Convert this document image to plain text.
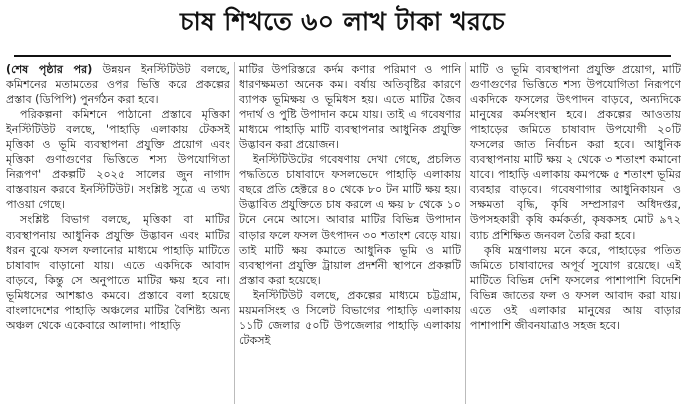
চাষ শিখতে ৬০ লাখ টাকা খরচে

(শেষ পৃষ্ঠার পর) উন্নয়ন ইনস্টিটিউট বলছে, কমিশনের মতামতের ওপর ভিত্তি করে প্রকল্পের প্রস্তাব (ডিপিপি) পুনর্গঠন করা হবে।

পরিকল্পনা কমিশনে পাঠানো প্রস্তাবে মৃত্তিকা ইনস্টিটিউট বলছে, 'পাহাড়ি এলাকায় টেকসই মৃত্তিকা ও ভূমি ব্যবস্থাপনা প্রযুক্তি প্রয়োগ এবং মৃত্তিকা গুণাগুণের ভিত্তিতে শস্য উপযোগিতা নিরূপণ' প্রকল্পটি ২০২৫ সালের জুন নাগাদ বাস্তবায়ন করবে ইনস্টিটিউট। সংশ্লিষ্ট সূত্রে এ তথ্য পাওয়া গেছে।

সংশ্লিষ্ট বিভাগ বলছে, মৃত্তিকা বা মাটির ব্যবস্থাপনায় আধুনিক প্রযুক্তি উদ্ভাবন এবং মাটির ধরন বুঝে ফসল ফলানোর মাধ্যমে পাহাড়ি মাটিতে চাষাবাদ বাড়ানো যায়। এতে একদিকে আবাদ বাড়বে, কিন্তু সে অনুপাতে মাটির ক্ষয় হবে না। ভূমিধসের আশঙ্কাও কমবে। প্রস্তাবে বলা হয়েছে বাংলাদেশের পাহাড়ি অঞ্চলের মাটির বৈশিষ্ট্য অন্য অঞ্চল থেকে একেবারে আলাদা। পাহাড়ি

মাটির উপরিস্তরে কর্দম কণার পরিমাণ ও পানি ধারণক্ষমতা অনেক কম। বর্ষায় অতিবৃষ্টির কারণে ব্যাপক ভূমিক্ষয় ও ভূমিধস হয়। এতে মাটির জৈব পদার্থ ও পুষ্টি উপাদান কমে যায়। তাই এ গবেষণার মাধ্যমে পাহাড়ি মাটি ব্যবস্থাপনার আধুনিক প্রযুক্তি উদ্ভাবন করা প্রয়োজন।

ইনস্টিটিউটের গবেষণায় দেখা গেছে, প্রচলিত পদ্ধতিতে চাষাবাদে ফসলভেদে পাহাড়ি এলাকায় বছরে প্রতি হেক্টরে ৪০ থেকে ৮০ টন মাটি ক্ষয় হয়। উদ্ভাবিত প্রযুক্তিতে চাষ করলে এ ক্ষয় ৮ থেকে ১০ টনে নেমে আসে। আবার মাটির বিভিন্ন উপাদান বাড়ার ফলে ফসল উৎপাদন ৩০ শতাংশ বেড়ে যায়। তাই মাটি ক্ষয় কমাতে আধুনিক ভূমি ও মাটি ব্যবস্থাপনা প্রযুক্তি ট্রায়াল প্রদর্শনী স্থাপনে প্রকল্পটি প্রস্তাব করা হয়েছে।

ইনস্টিটিউট বলছে, প্রকল্পের মাধ্যমে চট্টগ্রাম, ময়মনসিংহ ও সিলেট বিভাগের পাহাড়ি এলাকায় ১১টি জেলার ৫০টি উপজেলার পাহাড়ি এলাকায় টেকসই

মাটি ও ভূমি ব্যবস্থাপনা প্রযুক্তি প্রয়োগ, মাটি গুণাগুণের ভিত্তিতে শস্য উপযোগিতা নিরূপণে একদিকে ফসলের উৎপাদন বাড়বে, অন্যদিকে মানুষের কর্মসংস্থান হবে। প্রকল্পের আওতায় পাহাড়ের জমিতে চাষাবাদ উপযোগী ২০টি ফসলের জাত নির্বাচন করা হবে। আধুনিক ব্যবস্থাপনায় মাটি ক্ষয় ২ থেকে ৩ শতাংশ কমানো যাবে। পাহাড়ি এলাকায় কমপক্ষে ৫ শতাংশ ভূমির ব্যবহার বাড়বে। গবেষণাগার আধুনিকায়ন ও সক্ষমতা বৃদ্ধি, কৃষি সম্প্রসারণ অধিদপ্তর, উপসহকারী কৃষি কর্মকর্তা, কৃষকসহ মোট ৯৭২ ব্যাচ প্রশিক্ষিত জনবল তৈরি করা হবে।

কৃষি মন্ত্রণালয় মনে করে, পাহাড়ের পতিত জমিতে চাষাবাদের অপূর্ব সুযোগ রয়েছে। এই মাটিতে বিভিন্ন দেশি ফসলের পাশাপাশি বিদেশি বিভিন্ন জাতের ফল ও ফসল আবাদ করা যায়। এতে ওই এলাকার মানুষের আয় বাড়ার পাশাপাশি জীবনযাত্রাও সহজ হবে।
